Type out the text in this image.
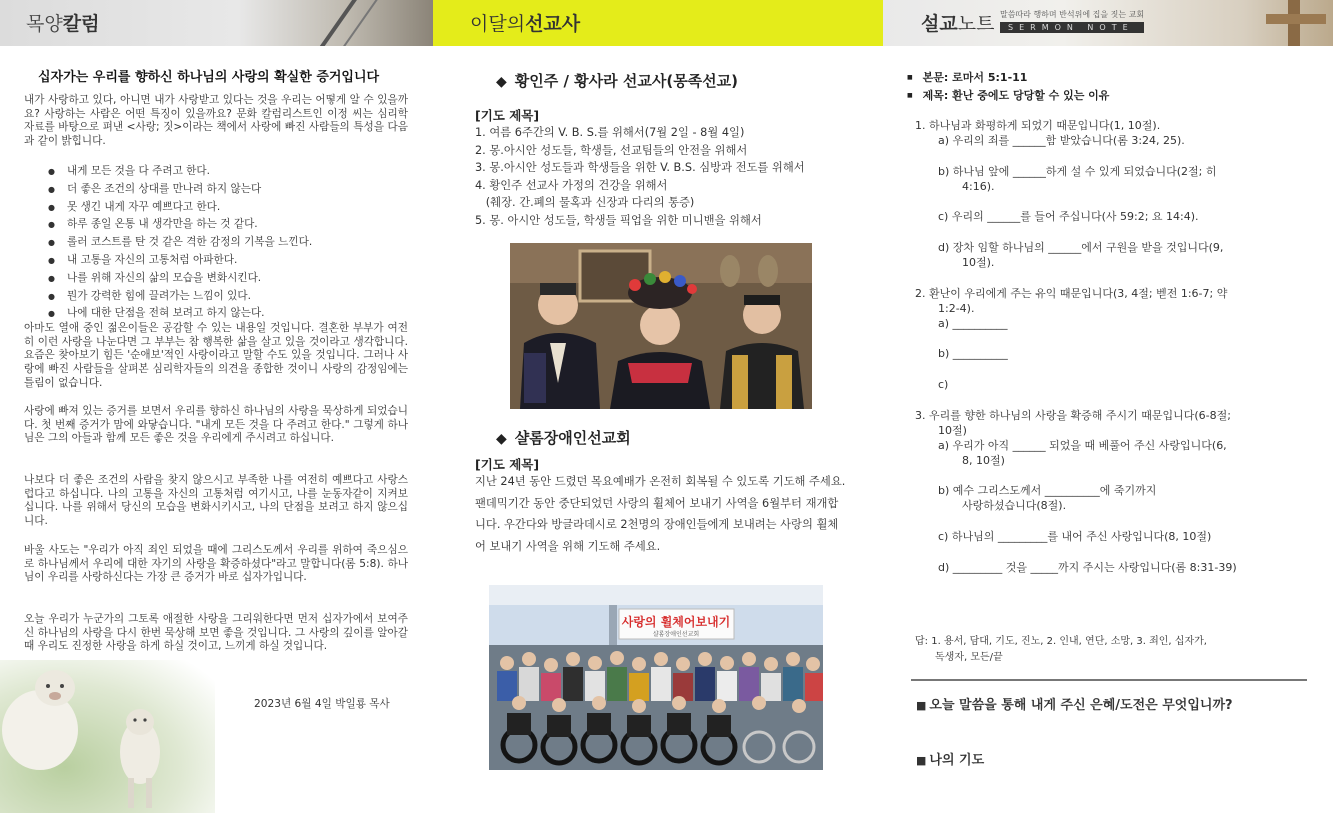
목양칼럼
십자가는 우리를 향하신 하나님의 사랑의 확실한 증거입니다

내가 사랑하고 있다, 아니면 내가 사랑받고 있다는 것을 우리는 어떻게 알 수 있을까요? 사랑하는 사람은 어떤 특징이 있을까요? 문화 칼럼리스트인 이정 씨는 심리학 자료를 바탕으로 펴낸 <사랑; 짓>이라는 책에서 사랑에 빠진 사람들의 특성을 다음과 같이 밝힙니다.

● 내게 모든 것을 다 주려고 한다.
● 더 좋은 조건의 상대를 만나려 하지 않는다
● 못 생긴 내게 자꾸 예쁘다고 한다.
● 하루 종일 온통 내 생각만을 하는 것 같다.
● 롤러 코스트를 탄 것 같은 격한 감정의 기복을 느낀다.
● 내 고통을 자신의 고통처럼 아파한다.
● 나를 위해 자신의 삶의 모습을 변화시킨다.
● 뭔가 강력한 힘에 끌려가는 느낌이 있다.
● 나에 대한 단점을 전혀 보려고 하지 않는다.

아마도 열애 중인 젊은이들은 공감할 수 있는 내용일 것입니다. 결혼한 부부가 여전히 이런 사랑을 나눈다면 그 부부는 참 행복한 삶을 살고 있을 것이라고 생각합니다. 요즘은 찾아보기 힘든 '순애보'적인 사랑이라고 말할 수도 있을 것입니다. 그러나 사랑에 빠진 사람들을 살펴본 심리학자들의 의견을 종합한 것이니 사랑의 감정임에는 틀림이 없습니다.

사랑에 빠져 있는 증거를 보면서 우리를 향하신 하나님의 사랑을 묵상하게 되었습니다. 첫 번째 증거가 맘에 와닿습니다. "내게 모든 것을 다 주려고 한다." 그렇게 하나님은 그의 아들과 함께 모든 좋은 것을 우리에게 주시려고 하십니다.

나보다 더 좋은 조건의 사람을 찾지 않으시고 부족한 나를 여전히 예쁘다고 사랑스럽다고 하십니다. 나의 고통을 자신의 고통처럼 여기시고, 나를 눈동자같이 지켜보십니다. 나를 위해서 당신의 모습을 변화시키시고, 나의 단점을 보려고 하지 않으십니다.

바울 사도는 "우리가 아직 죄인 되었을 때에 그리스도께서 우리를 위하여 죽으심으로 하나님께서 우리에 대한 자기의 사랑을 확증하셨다"라고 말합니다(롬 5:8). 하나님이 우리를 사랑하신다는 가장 큰 증거가 바로 십자가입니다.

오늘 우리가 누군가의 그토록 애절한 사랑을 그리워한다면 먼저 십자가에서 보여주신 하나님의 사랑을 다시 한번 묵상해 보면 좋을 것입니다. 그 사랑의 깊이를 알아갈 때 우리도 진정한 사랑을 하게 하실 것이고, 느끼게 하실 것입니다.

2023년 6월 4일 박일룡 목사
이달의선교사
◆ 황인주 / 황사라 선교사(몽족선교)
[기도 제목]
1. 여름 6주간의 V. B. S.를 위해서(7월 2일 - 8월 4일)
2. 몽.아시안 성도들, 학생들, 선교팀들의 안전을 위해서
3. 몽.아시안 성도들과 학생들을 위한 V. B.S. 심방과 전도를 위해서
4. 황인주 선교사 가정의 건강을 위해서
(췌장. 간.폐의 물혹과 신장과 다리의 통증)
5. 몽. 아시안 성도들, 학생들 픽업을 위한 미니밴을 위해서
◆ 샬롬장애인선교회
[기도 제목]

지난 24년 동안 드렸던 목요예배가 온전히 회복될 수 있도록 기도해 주세요.

팬데믹기간 동안 중단되었던 사랑의 휠체어 보내기 사역을 6월부터 재개합니다. 우간다와 방글라데시로 2천명의 장애인들에게 보내려는 사랑의 휠체어 보내기 사역을 위해 기도해 주세요.

사랑의 휠체어보내기
샬롬장애인선교회
설교노트 말씀따라 행하며 반석위에 집을 짓는 교회
SERMON NOTE
■ 본문: 로마서 5:1-11
■ 제목: 환난 중에도 당당할 수 있는 이유
1. 하나님과 화평하게 되었기 때문입니다(1, 10절).
a) 우리의 죄를 ______함 받았습니다(롬 3:24, 25).
b) 하나님 앞에 ______하게 설 수 있게 되었습니다(2절; 히
4:16).
c) 우리의 ______를 들어 주십니다(사 59:2; 요 14:4).
d) 장차 임할 하나님의 ______에서 구원을 받을 것입니다(9,
10절).
2. 환난이 우리에게 주는 유익 때문입니다(3, 4절; 벧전 1:6-7; 약
1:2-4).
a) __________
b) __________
c)
3. 우리를 향한 하나님의 사랑을 확증해 주시기 때문입니다(6-8절;
10절)
a) 우리가 아직 ______ 되었을 때 베풀어 주신 사랑입니다(6,
8, 10절)
b) 예수 그리스도께서 __________에 죽기까지
사랑하셨습니다(8절).
c) 하나님의 _________를 내어 주신 사랑입니다(8, 10절)
d) _________ 것을 _____까지 주시는 사랑입니다(롬 8:31-39)
답: 1. 용서, 담대, 기도, 진노, 2. 인내, 연단, 소망, 3. 죄인, 십자가,
독생자, 모든/끝
■ 오늘 말씀을 통해 내게 주신 은혜/도전은 무엇입니까?
■ 나의 기도
